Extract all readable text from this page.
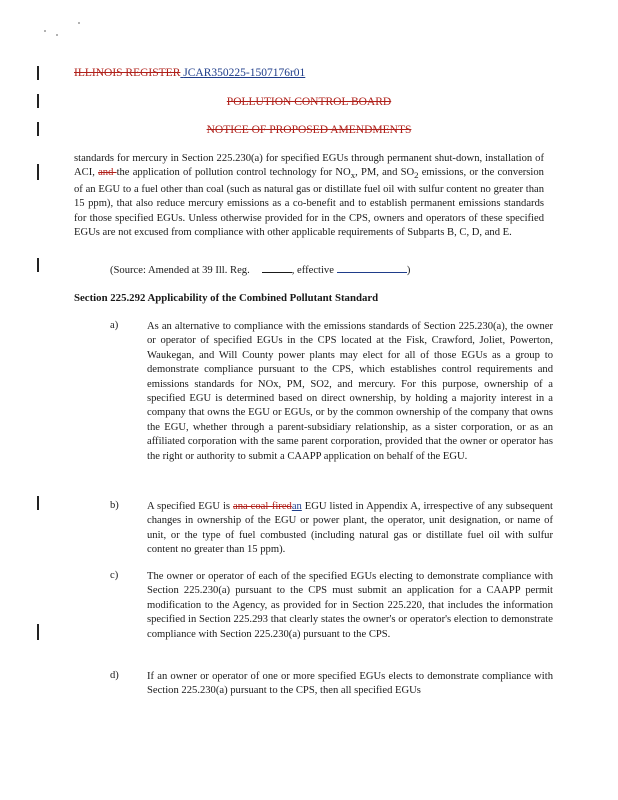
ILLINOIS REGISTER JCAR350225-1507176r01
POLLUTION CONTROL BOARD
NOTICE OF PROPOSED AMENDMENTS
standards for mercury in Section 225.230(a) for specified EGUs through permanent shut-down, installation of ACI, and the application of pollution control technology for $NO_x$, PM, and $SO_2$ emissions, or the conversion of an EGU to a fuel other than coal (such as natural gas or distillate fuel oil with sulfur content no greater than 15 ppm), that also reduce mercury emissions as a co-benefit and to establish permanent emissions standards for those specified EGUs. Unless otherwise provided for in the CPS, owners and operators of these specified EGUs are not excused from compliance with other applicable requirements of Subparts B, C, D, and E.
(Source: Amended at 39 Ill. Reg.	, effective	)
Section 225.292 Applicability of the Combined Pollutant Standard
a)	As an alternative to compliance with the emissions standards of Section 225.230(a), the owner or operator of specified EGUs in the CPS located at the Fisk, Crawford, Joliet, Powerton, Waukegan, and Will County power plants may elect for all of those EGUs as a group to demonstrate compliance pursuant to the CPS, which establishes control requirements and emissions standards for NOx, PM, SO2, and mercury. For this purpose, ownership of a specified EGU is determined based on direct ownership, by holding a majority interest in a company that owns the EGU or EGUs, or by the common ownership of the company that owns the EGU, whether through a parent-subsidiary relationship, as a sister corporation, or as an affiliated corporation with the same parent corporation, provided that the owner or operator has the right or authority to submit a CAAPP application on behalf of the EGU.
b)	A specified EGU is ana coal-firedan EGU listed in Appendix A, irrespective of any subsequent changes in ownership of the EGU or power plant, the operator, unit designation, or name of unit, or the type of fuel combusted (including natural gas or distillate fuel oil with sulfur content no greater than 15 ppm).
c)	The owner or operator of each of the specified EGUs electing to demonstrate compliance with Section 225.230(a) pursuant to the CPS must submit an application for a CAAPP permit modification to the Agency, as provided for in Section 225.220, that includes the information specified in Section 225.293 that clearly states the owner's or operator's election to demonstrate compliance with Section 225.230(a) pursuant to the CPS.
d)	If an owner or operator of one or more specified EGUs elects to demonstrate compliance with Section 225.230(a) pursuant to the CPS, then all specified EGUs
